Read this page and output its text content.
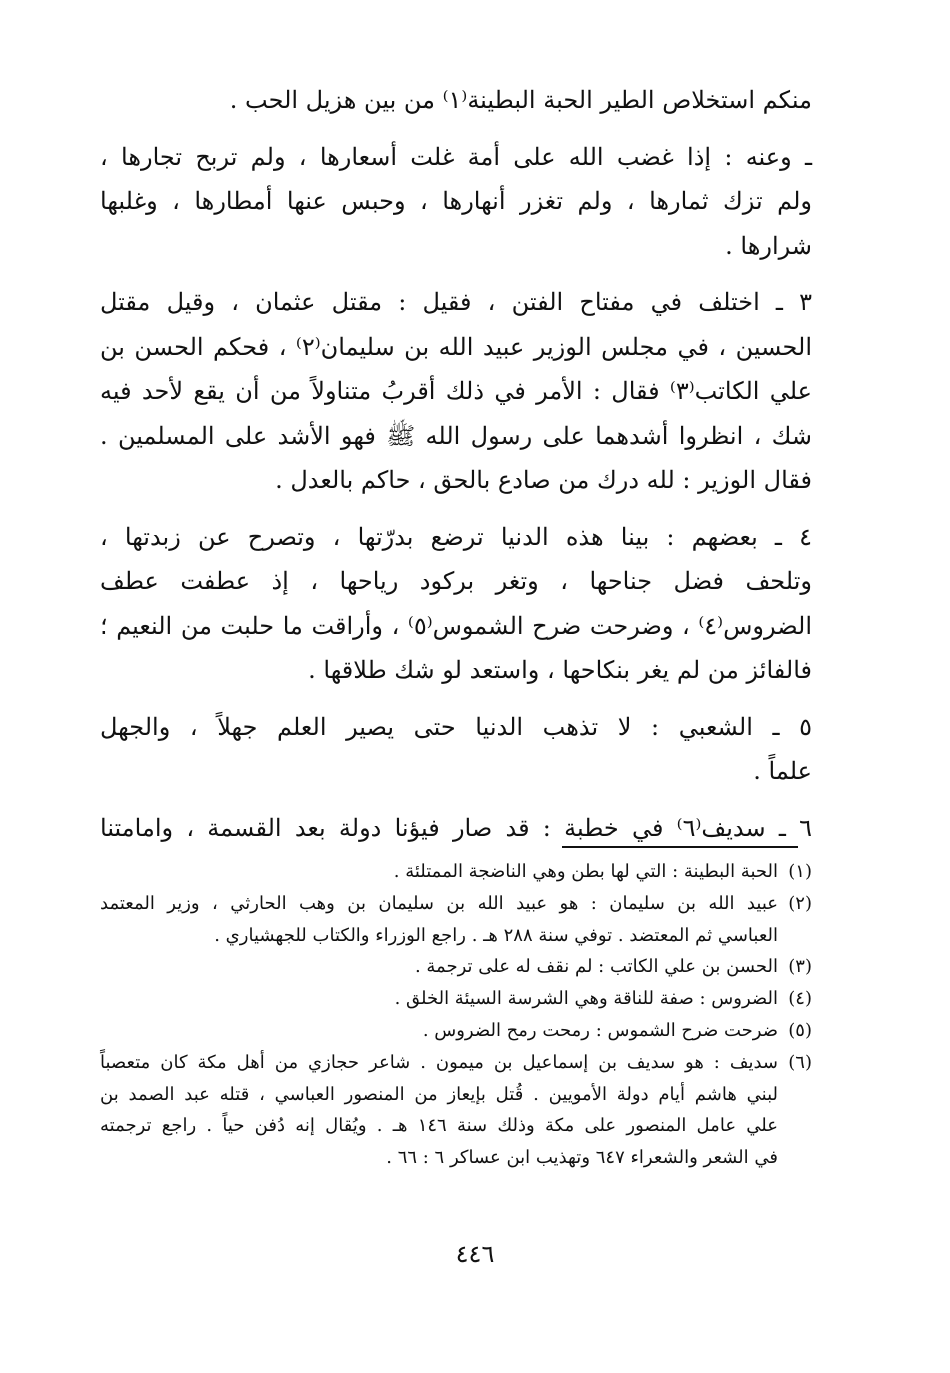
منكم استخلاص الطير الحبة البطينة⁽١⁾ من بين هزيل الحب .
ـ وعنه : إذا غضب الله على أمة غلت أسعارها ، ولم تربح تجارها ،
ولم تزك ثمارها ، ولم تغزر أنهارها ، وحبس عنها أمطارها ، وغلبها
شرارها .
٣ ـ اختلف في مفتاح الفتن ، فقيل : مقتل عثمان ، وقيل مقتل
الحسين ، في مجلس الوزير عبيد الله بن سليمان⁽٢⁾ ، فحكم الحسن بن
علي الكاتب⁽٣⁾ فقال : الأمر في ذلك أقربُ متناولاً من أن يقع لأحد فيه
شك ، انظروا أشدهما على رسول الله ﷺ فهو الأشد على المسلمين .
فقال الوزير : لله درك من صادع بالحق ، حاكم بالعدل .
٤ ـ بعضهم : بينا هذه الدنيا ترضع بدرّتها ، وتصرح عن زبدتها ،
وتلحف فضل جناحها ، وتغر بركود رياحها ، إذ عطفت عطف
الضروس⁽٤⁾ ، وضرحت ضرح الشموس⁽٥⁾ ، وأراقت ما حلبت من النعيم ؛
فالفائز من لم يغر بنكاحها ، واستعد لو شك طلاقها .
٥ ـ الشعبي : لا تذهب الدنيا حتى يصير العلم جهلاً ، والجهل
علماً .
٦ ـ سديف⁽٦⁾ في خطبة : قد صار فيؤنا دولة بعد القسمة ، وامامتنا
(١)
الحبة البطينة : التي لها بطن وهي الناضجة الممتلئة .
(٢)
عبيد الله بن سليمان : هو عبيد الله بن سليمان بن وهب الحارثي ، وزير المعتمد
العباسي ثم المعتضد . توفي سنة ٢٨٨ هـ . راجع الوزراء والكتاب للجهشياري .
(٣)
الحسن بن علي الكاتب : لم نقف له على ترجمة .
(٤)
الضروس : صفة للناقة وهي الشرسة السيئة الخلق .
(٥)
ضرحت ضرح الشموس : رمحت رمح الضروس .
(٦)
سديف : هو سديف بن إسماعيل بن ميمون . شاعر حجازي من أهل مكة كان متعصباً
لبني هاشم أيام دولة الأمويين . قُتل بإيعاز من المنصور العباسي ، قتله عبد الصمد بن
علي عامل المنصور على مكة وذلك سنة ١٤٦ هـ . ويُقال إنه دُفن حياً . راجع ترجمته
في الشعر والشعراء ٦٤٧ وتهذيب ابن عساكر ٦ : ٦٦ .
٤٤٦
